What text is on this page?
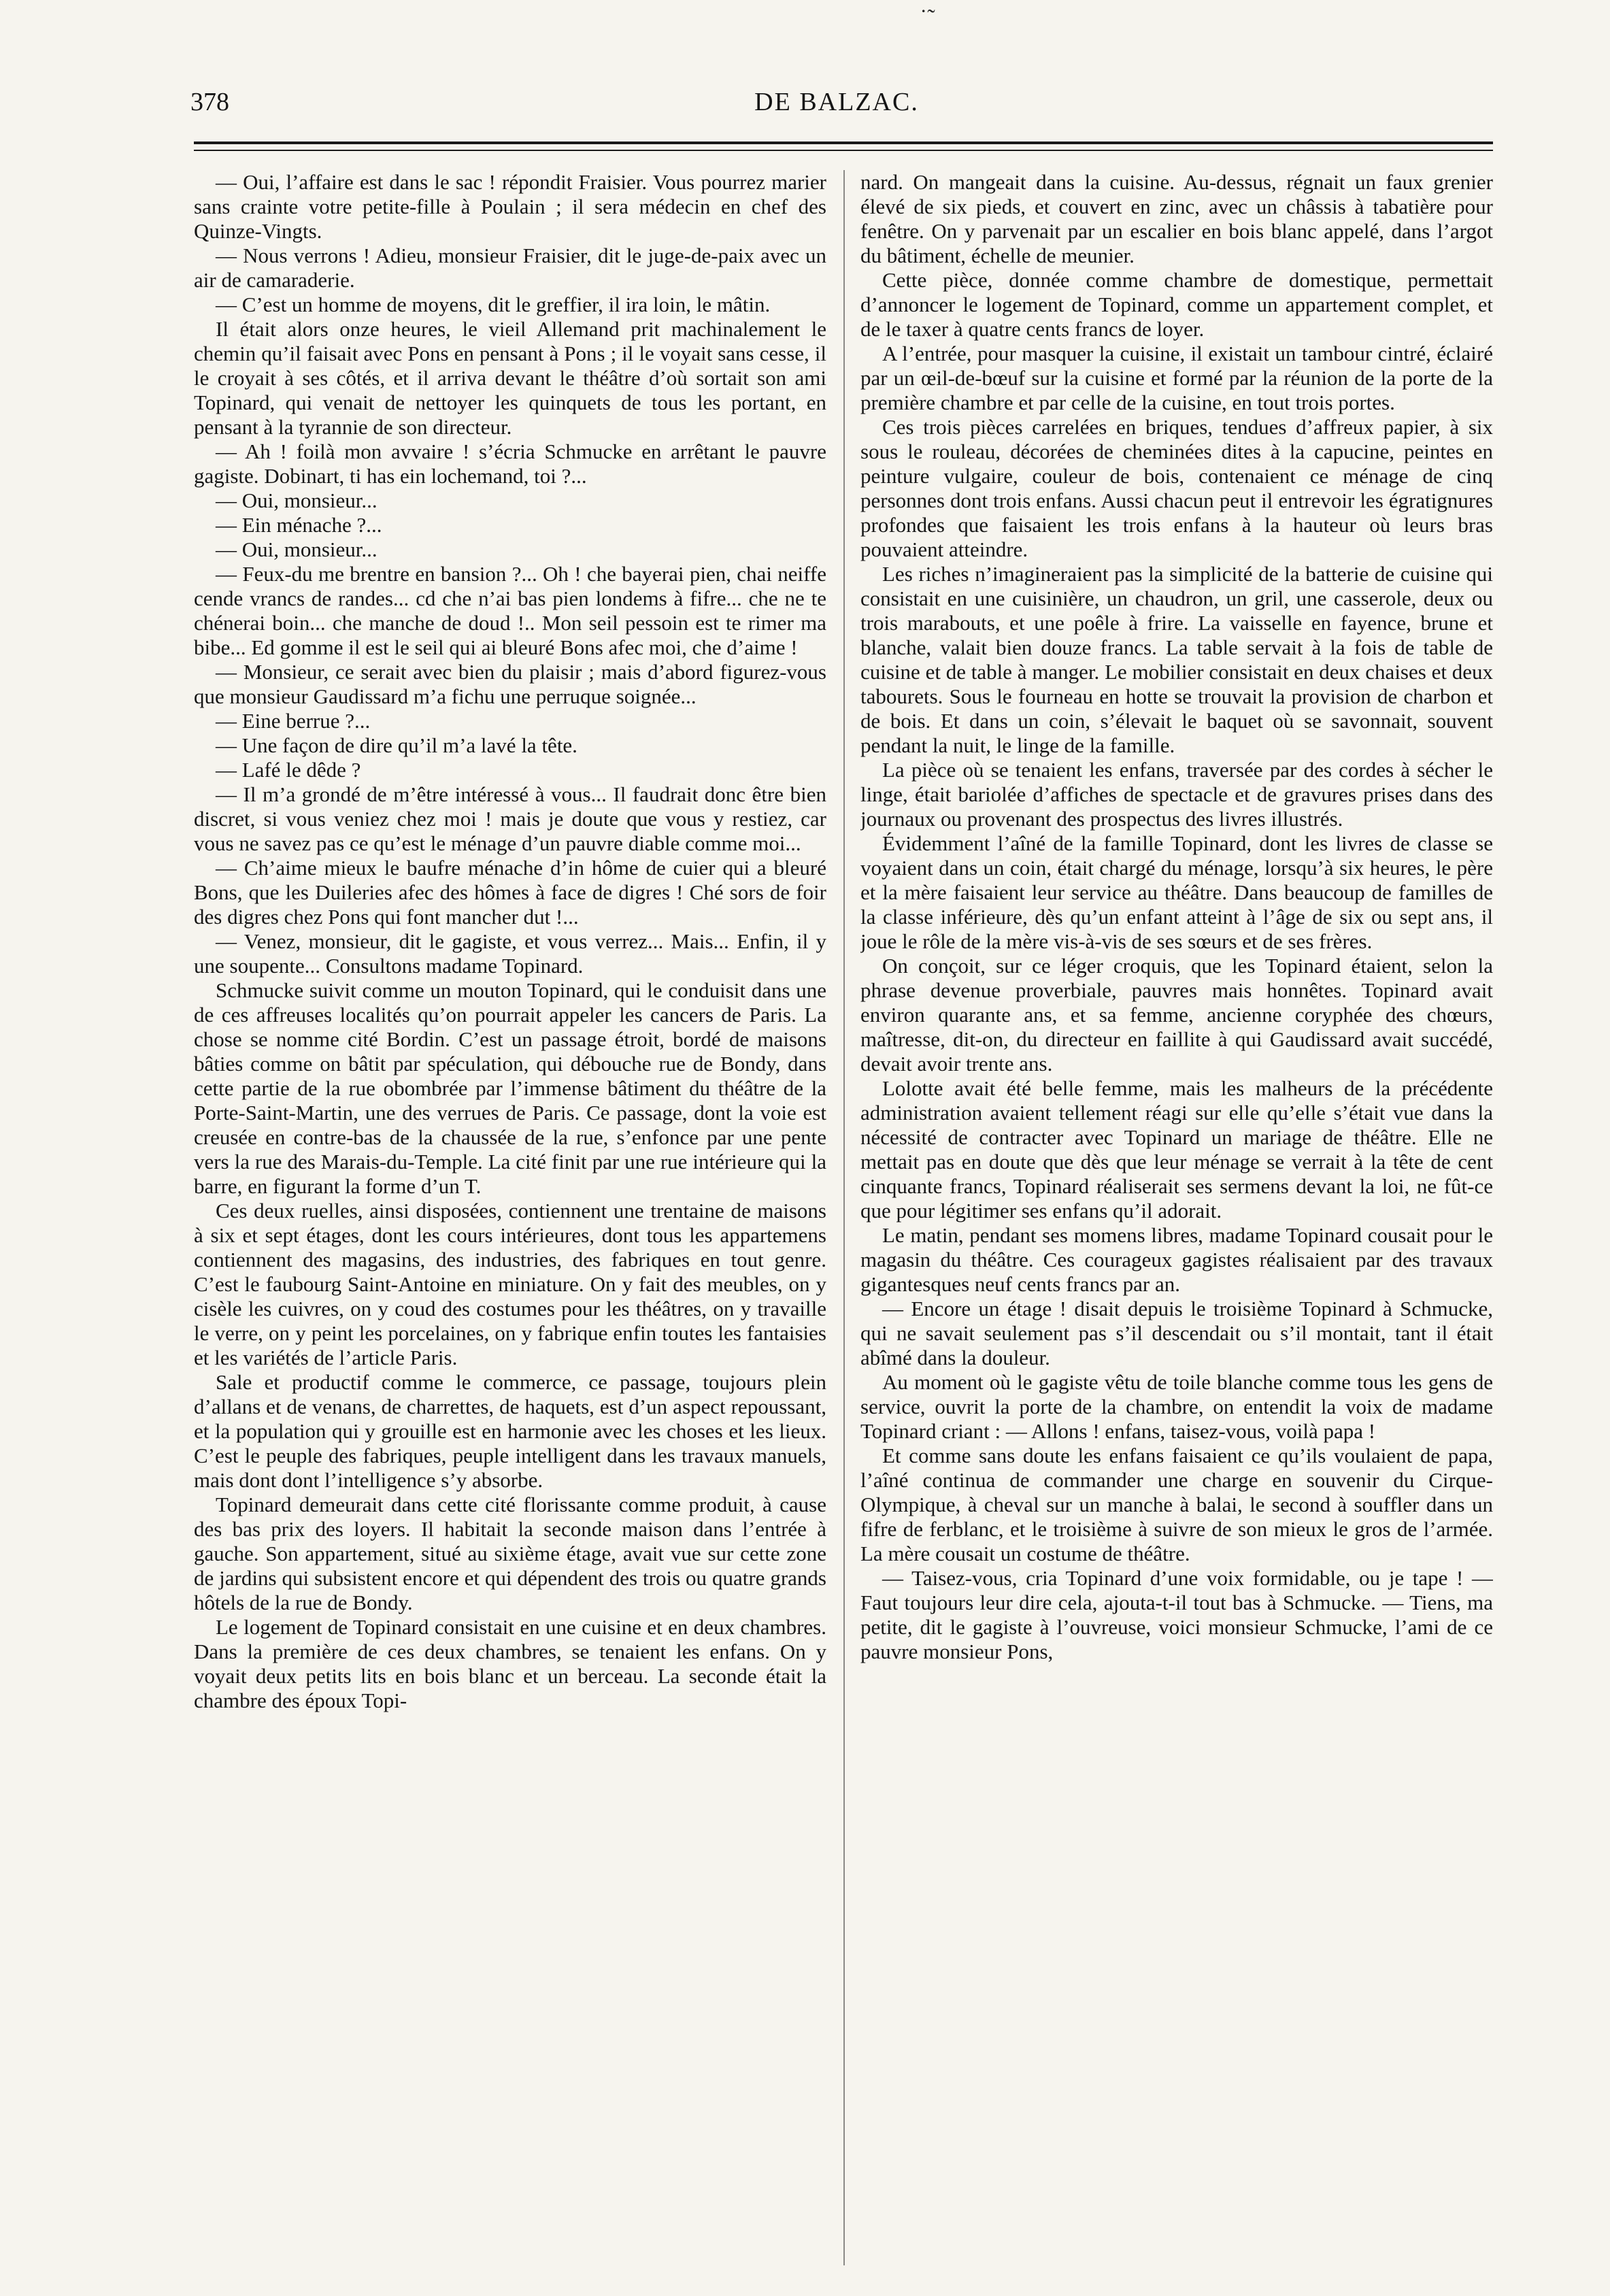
˙̃
378	DE BALZAC.

— Oui, l’affaire est dans le sac ! répondit Fraisier. Vous pourrez marier sans crainte votre petite-fille à Poulain ; il sera médecin en chef des Quinze-Vingts.

— Nous verrons ! Adieu, monsieur Fraisier, dit le juge-de-paix avec un air de camaraderie.

— C’est un homme de moyens, dit le greffier, il ira loin, le mâtin.

Il était alors onze heures, le vieil Allemand prit machinalement le chemin qu’il faisait avec Pons en pensant à Pons ; il le voyait sans cesse, il le croyait à ses côtés, et il arriva devant le théâtre d’où sortait son ami Topinard, qui venait de nettoyer les quinquets de tous les portant, en pensant à la tyrannie de son directeur.

— Ah ! foilà mon avvaire ! s’écria Schmucke en arrêtant le pauvre gagiste. Dobinart, ti has ein lochemand, toi ?...

— Oui, monsieur...

— Ein ménache ?...

— Oui, monsieur...

— Feux-du me brentre en bansion ?... Oh ! che bayerai pien, chai neiffe cende vrancs de randes... cd che n’ai bas pien londems à fifre... che ne te chénerai boin... che manche de doud !.. Mon seil pessoin est te rimer ma bibe... Ed gomme il est le seil qui ai bleuré Bons afec moi, che d’aime !

— Monsieur, ce serait avec bien du plaisir ; mais d’abord figurez-vous que monsieur Gaudissard m’a fichu une perruque soignée...

— Eine berrue ?...

— Une façon de dire qu’il m’a lavé la tête.

— Lafé le dêde ?

— Il m’a grondé de m’être intéressé à vous... Il faudrait donc être bien discret, si vous veniez chez moi ! mais je doute que vous y restiez, car vous ne savez pas ce qu’est le ménage d’un pauvre diable comme moi...

— Ch’aime mieux le baufre ménache d’in hôme de cuier qui a bleuré Bons, que les Duileries afec des hômes à face de digres ! Ché sors de foir des digres chez Pons qui font mancher dut !...

— Venez, monsieur, dit le gagiste, et vous verrez... Mais... Enfin, il y une soupente... Consultons madame Topinard.

Schmucke suivit comme un mouton Topinard, qui le conduisit dans une de ces affreuses localités qu’on pourrait appeler les cancers de Paris. La chose se nomme cité Bordin. C’est un passage étroit, bordé de maisons bâties comme on bâtit par spéculation, qui débouche rue de Bondy, dans cette partie de la rue obombrée par l’immense bâtiment du théâtre de la Porte-Saint-Martin, une des verrues de Paris. Ce passage, dont la voie est creusée en contre-bas de la chaussée de la rue, s’enfonce par une pente vers la rue des Marais-du-Temple. La cité finit par une rue intérieure qui la barre, en figurant la forme d’un T.

Ces deux ruelles, ainsi disposées, contiennent une trentaine de maisons à six et sept étages, dont les cours intérieures, dont tous les appartemens contiennent des magasins, des industries, des fabriques en tout genre. C’est le faubourg Saint-Antoine en miniature. On y fait des meubles, on y cisèle les cuivres, on y coud des costumes pour les théâtres, on y travaille le verre, on y peint les porcelaines, on y fabrique enfin toutes les fantaisies et les variétés de l’article Paris.

Sale et productif comme le commerce, ce passage, toujours plein d’allans et de venans, de charrettes, de haquets, est d’un aspect repoussant, et la population qui y grouille est en harmonie avec les choses et les lieux. C’est le peuple des fabriques, peuple intelligent dans les travaux manuels, mais dont dont l’intelligence s’y absorbe.

Topinard demeurait dans cette cité florissante comme produit, à cause des bas prix des loyers. Il habitait la seconde maison dans l’entrée à gauche. Son appartement, situé au sixième étage, avait vue sur cette zone de jardins qui subsistent encore et qui dépendent des trois ou quatre grands hôtels de la rue de Bondy.

Le logement de Topinard consistait en une cuisine et en deux chambres. Dans la première de ces deux chambres, se tenaient les enfans. On y voyait deux petits lits en bois blanc et un berceau. La seconde était la chambre des époux Topi-

nard. On mangeait dans la cuisine. Au-dessus, régnait un faux grenier élevé de six pieds, et couvert en zinc, avec un châssis à tabatière pour fenêtre. On y parvenait par un escalier en bois blanc appelé, dans l’argot du bâtiment, échelle de meunier.

Cette pièce, donnée comme chambre de domestique, permettait d’annoncer le logement de Topinard, comme un appartement complet, et de le taxer à quatre cents francs de loyer.

A l’entrée, pour masquer la cuisine, il existait un tambour cintré, éclairé par un œil-de-bœuf sur la cuisine et formé par la réunion de la porte de la première chambre et par celle de la cuisine, en tout trois portes.

Ces trois pièces carrelées en briques, tendues d’affreux papier, à six sous le rouleau, décorées de cheminées dites à la capucine, peintes en peinture vulgaire, couleur de bois, contenaient ce ménage de cinq personnes dont trois enfans. Aussi chacun peut il entrevoir les égratignures profondes que faisaient les trois enfans à la hauteur où leurs bras pouvaient atteindre.

Les riches n’imagineraient pas la simplicité de la batterie de cuisine qui consistait en une cuisinière, un chaudron, un gril, une casserole, deux ou trois marabouts, et une poêle à frire. La vaisselle en fayence, brune et blanche, valait bien douze francs. La table servait à la fois de table de cuisine et de table à manger. Le mobilier consistait en deux chaises et deux tabourets. Sous le fourneau en hotte se trouvait la provision de charbon et de bois. Et dans un coin, s’élevait le baquet où se savonnait, souvent pendant la nuit, le linge de la famille.

La pièce où se tenaient les enfans, traversée par des cordes à sécher le linge, était bariolée d’affiches de spectacle et de gravures prises dans des journaux ou provenant des prospectus des livres illustrés.

Évidemment l’aîné de la famille Topinard, dont les livres de classe se voyaient dans un coin, était chargé du ménage, lorsqu’à six heures, le père et la mère faisaient leur service au théâtre. Dans beaucoup de familles de la classe inférieure, dès qu’un enfant atteint à l’âge de six ou sept ans, il joue le rôle de la mère vis-à-vis de ses sœurs et de ses frères.

On conçoit, sur ce léger croquis, que les Topinard étaient, selon la phrase devenue proverbiale, pauvres mais honnêtes. Topinard avait environ quarante ans, et sa femme, ancienne coryphée des chœurs, maîtresse, dit-on, du directeur en faillite à qui Gaudissard avait succédé, devait avoir trente ans.

Lolotte avait été belle femme, mais les malheurs de la précédente administration avaient tellement réagi sur elle qu’elle s’était vue dans la nécessité de contracter avec Topinard un mariage de théâtre. Elle ne mettait pas en doute que dès que leur ménage se verrait à la tête de cent cinquante francs, Topinard réaliserait ses sermens devant la loi, ne fût-ce que pour légitimer ses enfans qu’il adorait.

Le matin, pendant ses momens libres, madame Topinard cousait pour le magasin du théâtre. Ces courageux gagistes réalisaient par des travaux gigantesques neuf cents francs par an.

— Encore un étage ! disait depuis le troisième Topinard à Schmucke, qui ne savait seulement pas s’il descendait ou s’il montait, tant il était abîmé dans la douleur.

Au moment où le gagiste vêtu de toile blanche comme tous les gens de service, ouvrit la porte de la chambre, on entendit la voix de madame Topinard criant : — Allons ! enfans, taisez-vous, voilà papa !

Et comme sans doute les enfans faisaient ce qu’ils voulaient de papa, l’aîné continua de commander une charge en souvenir du Cirque-Olympique, à cheval sur un manche à balai, le second à souffler dans un fifre de ferblanc, et le troisième à suivre de son mieux le gros de l’armée. La mère cousait un costume de théâtre.

— Taisez-vous, cria Topinard d’une voix formidable, ou je tape ! — Faut toujours leur dire cela, ajouta-t-il tout bas à Schmucke. — Tiens, ma petite, dit le gagiste à l’ouvreuse, voici monsieur Schmucke, l’ami de ce pauvre monsieur Pons,
